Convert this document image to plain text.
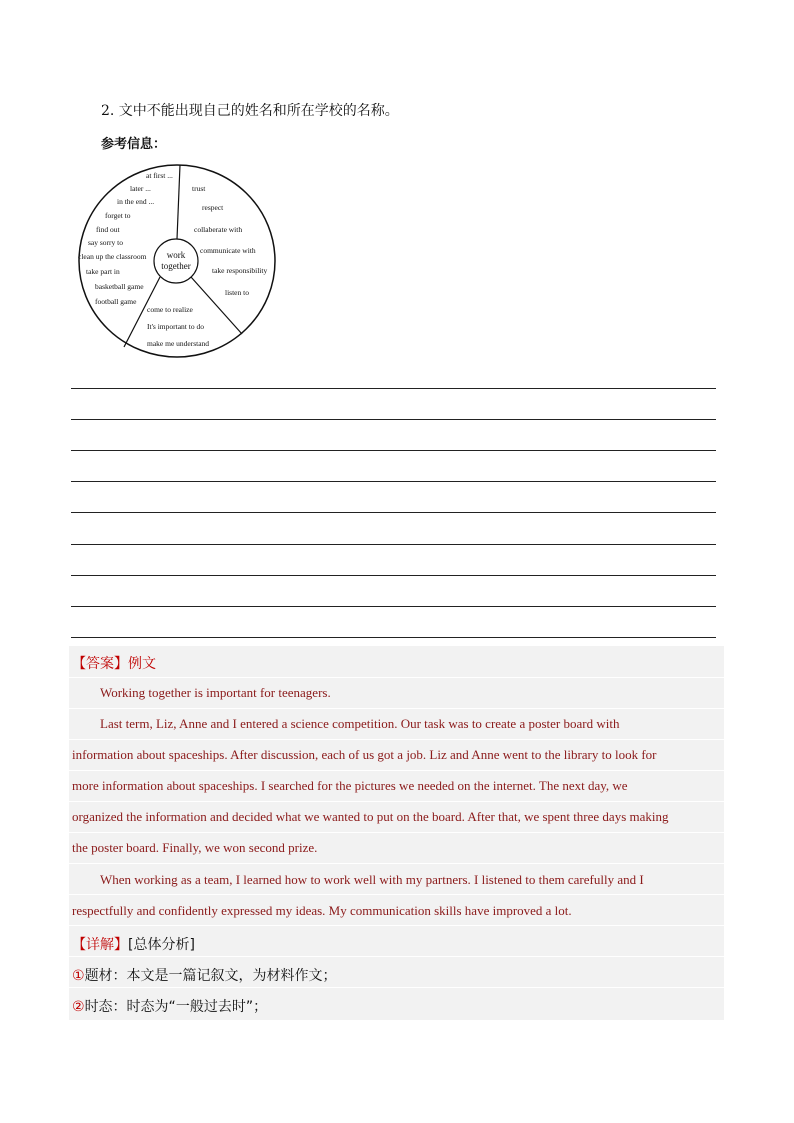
2. 文中不能出现自己的姓名和所在学校的名称。
参考信息：
work
together
at first ...
later ...
in the end ...
forget to
find out
say sorry to
clean up the classroom
take part in
basketball game
football game
trust
respect
collaberate with
communicate with
take responsibility
listen to
come to realize
It's important to do
make me understand
【答案】例文
Working together is important for teenagers.
Last term, Liz, Anne and I entered a science competition. Our task was to create a poster board with
information about spaceships. After discussion, each of us got a job. Liz and Anne went to the library to look for
more information about spaceships. I searched for the pictures we needed on the internet. The next day, we
organized the information and decided what we wanted to put on the board. After that, we spent three days making
the poster board. Finally, we won second prize.
When working as a team, I learned how to work well with my partners. I listened to them carefully and I
respectfully and confidently expressed my ideas. My communication skills have improved a lot.
【详解】[总体分析]
①题材：本文是一篇记叙文，为材料作文；
②时态：时态为“一般过去时”；
